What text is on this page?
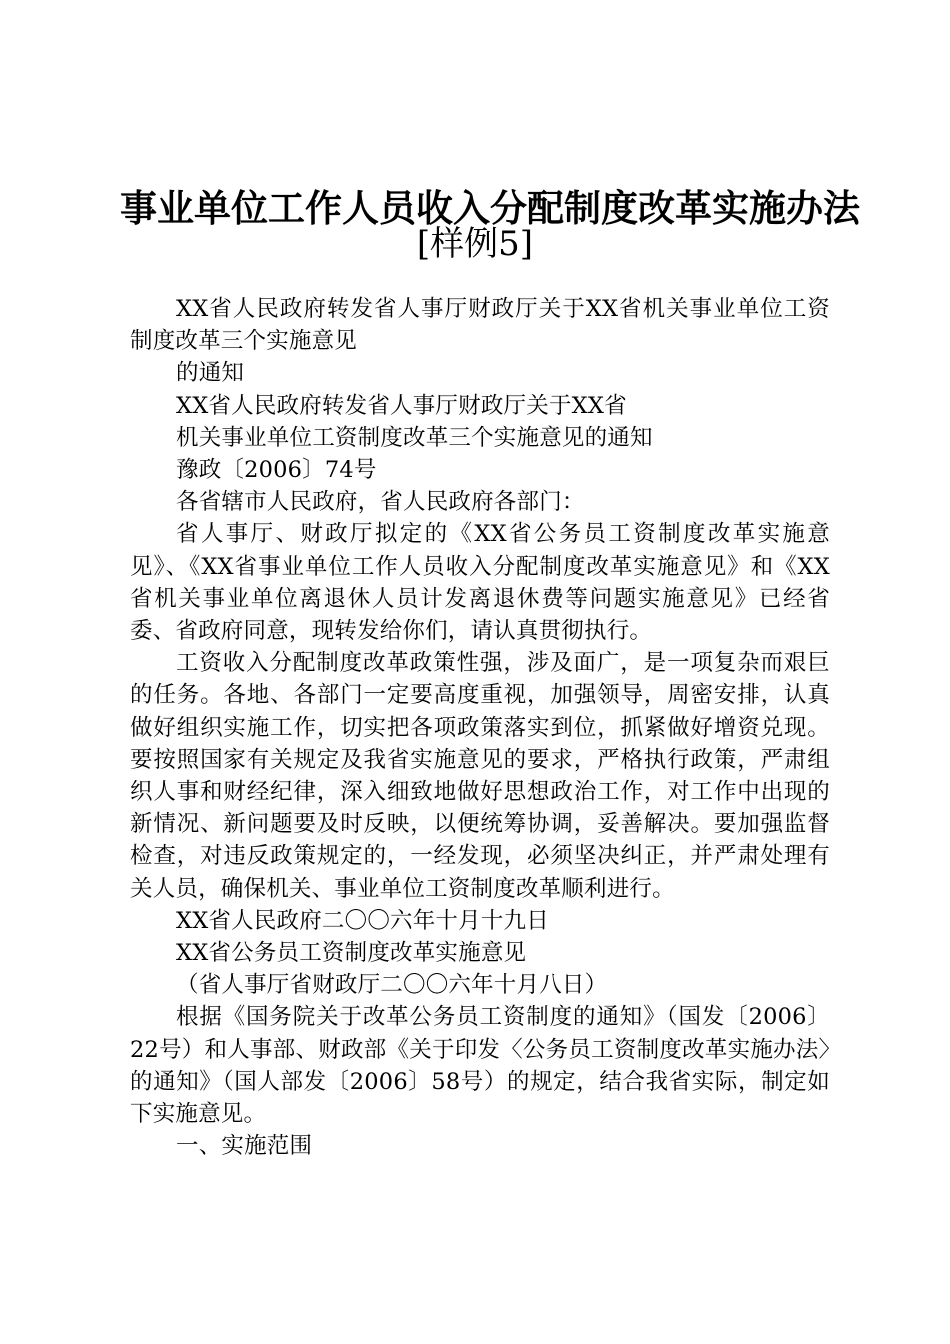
事业单位工作人员收入分配制度改革实施办法
[样例5]

XX省人民政府转发省人事厅财政厅关于XX省机关事业单位工资制度改革三个实施意见

的通知

XX省人民政府转发省人事厅财政厅关于XX省

机关事业单位工资制度改革三个实施意见的通知

豫政〔2006〕74号

各省辖市人民政府，省人民政府各部门：

省人事厅、财政厅拟定的《XX省公务员工资制度改革实施意见》、《XX省事业单位工作人员收入分配制度改革实施意见》和《XX省机关事业单位离退休人员计发离退休费等问题实施意见》已经省委、省政府同意，现转发给你们，请认真贯彻执行。

工资收入分配制度改革政策性强，涉及面广，是一项复杂而艰巨的任务。各地、各部门一定要高度重视，加强领导，周密安排，认真做好组织实施工作，切实把各项政策落实到位，抓紧做好增资兑现。要按照国家有关规定及我省实施意见的要求，严格执行政策，严肃组织人事和财经纪律，深入细致地做好思想政治工作，对工作中出现的新情况、新问题要及时反映，以便统筹协调，妥善解决。要加强监督检查，对违反政策规定的，一经发现，必须坚决纠正，并严肃处理有关人员，确保机关、事业单位工资制度改革顺利进行。

XX省人民政府二〇〇六年十月十九日

XX省公务员工资制度改革实施意见

（省人事厅省财政厅二〇〇六年十月八日）

根据《国务院关于改革公务员工资制度的通知》（国发〔2006〕22号）和人事部、财政部《关于印发〈公务员工资制度改革实施办法〉的通知》（国人部发〔2006〕58号）的规定，结合我省实际，制定如下实施意见。

一、实施范围
